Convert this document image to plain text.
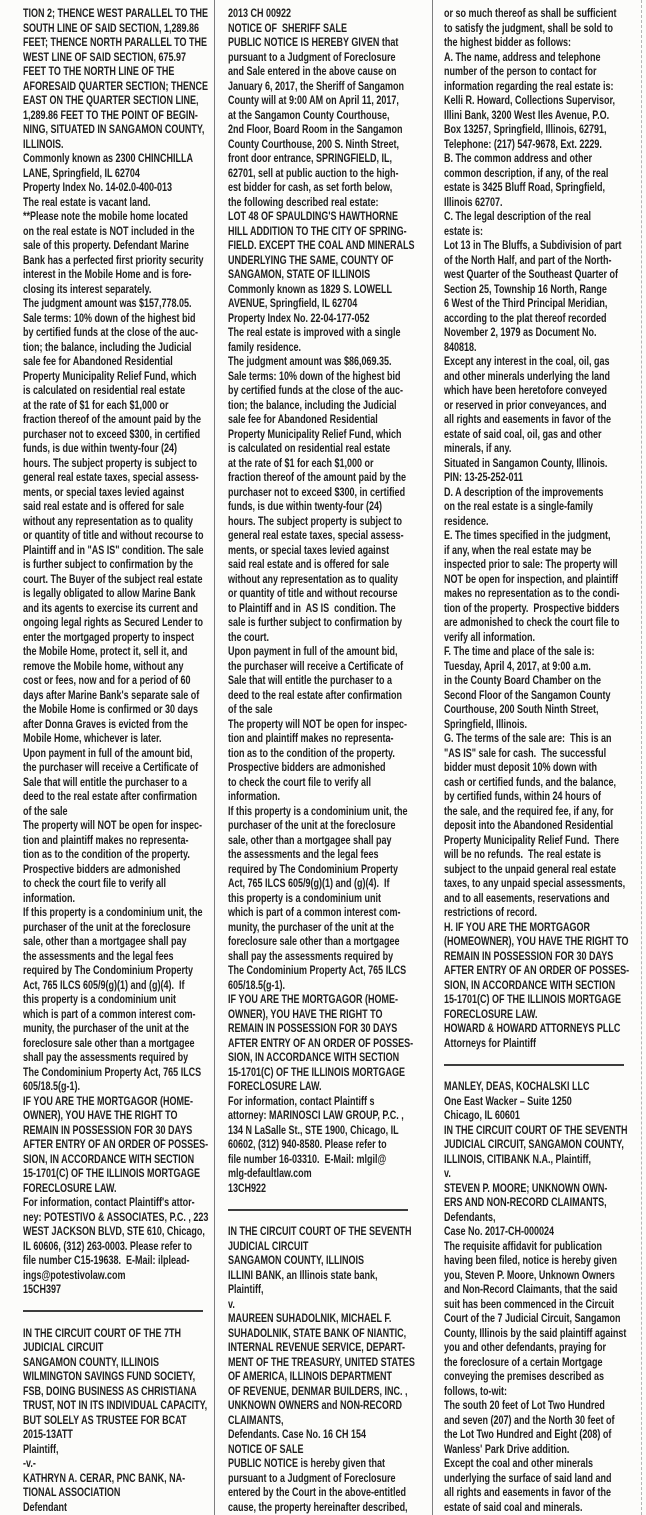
TION 2; THENCE WEST PARALLEL TO THE
SOUTH LINE OF SAID SECTION, 1,289.86
FEET; THENCE NORTH PARALLEL TO THE
WEST LINE OF SAID SECTION, 675.97
FEET TO THE NORTH LINE OF THE
AFORESAID QUARTER SECTION; THENCE
EAST ON THE QUARTER SECTION LINE,
1,289.86 FEET TO THE POINT OF BEGIN-
NING, SITUATED IN SANGAMON COUNTY,
ILLINOIS.
Commonly known as 2300 CHINCHILLA
LANE, Springfield, IL 62704
Property Index No. 14-02.0-400-013
The real estate is vacant land.
**Please note the mobile home located
on the real estate is NOT included in the
sale of this property. Defendant Marine
Bank has a perfected first priority security
interest in the Mobile Home and is fore-
closing its interest separately.
The judgment amount was $157,778.05.
Sale terms: 10% down of the highest bid
by certified funds at the close of the auc-
tion; the balance, including the Judicial
sale fee for Abandoned Residential
Property Municipality Relief Fund, which
is calculated on residential real estate
at the rate of $1 for each $1,000 or
fraction thereof of the amount paid by the
purchaser not to exceed $300, in certified
funds, is due within twenty-four (24)
hours. The subject property is subject to
general real estate taxes, special assess-
ments, or special taxes levied against
said real estate and is offered for sale
without any representation as to quality
or quantity of title and without recourse to
Plaintiff and in "AS IS" condition. The sale
is further subject to confirmation by the
court. The Buyer of the subject real estate
is legally obligated to allow Marine Bank
and its agents to exercise its current and
ongoing legal rights as Secured Lender to
enter the mortgaged property to inspect
the Mobile Home, protect it, sell it, and
remove the Mobile home, without any
cost or fees, now and for a period of 60
days after Marine Bank's separate sale of
the Mobile Home is confirmed or 30 days
after Donna Graves is evicted from the
Mobile Home, whichever is later.
Upon payment in full of the amount bid,
the purchaser will receive a Certificate of
Sale that will entitle the purchaser to a
deed to the real estate after confirmation
of the sale
The property will NOT be open for inspec-
tion and plaintiff makes no representa-
tion as to the condition of the property.
Prospective bidders are admonished
to check the court file to verify all
information.
If this property is a condominium unit, the
purchaser of the unit at the foreclosure
sale, other than a mortgagee shall pay
the assessments and the legal fees
required by The Condominium Property
Act, 765 ILCS 605/9(g)(1) and (g)(4).  If
this property is a condominium unit
which is part of a common interest com-
munity, the purchaser of the unit at the
foreclosure sale other than a mortgagee
shall pay the assessments required by
The Condominium Property Act, 765 ILCS
605/18.5(g-1).
IF YOU ARE THE MORTGAGOR (HOME-
OWNER), YOU HAVE THE RIGHT TO
REMAIN IN POSSESSION FOR 30 DAYS
AFTER ENTRY OF AN ORDER OF POSSES-
SION, IN ACCORDANCE WITH SECTION
15-1701(C) OF THE ILLINOIS MORTGAGE
FORECLOSURE LAW.
For information, contact Plaintiff's attor-
ney: POTESTIVO & ASSOCIATES, P.C. , 223
WEST JACKSON BLVD, STE 610, Chicago,
IL 60606, (312) 263-0003. Please refer to
file number C15-19638.  E-Mail: ilplead-
ings@potestivolaw.com
15CH397
IN THE CIRCUIT COURT OF THE 7TH
JUDICIAL CIRCUIT
SANGAMON COUNTY, ILLINOIS
WILMINGTON SAVINGS FUND SOCIETY,
FSB, DOING BUSINESS AS CHRISTIANA
TRUST, NOT IN ITS INDIVIDUAL CAPACITY,
BUT SOLELY AS TRUSTEE FOR BCAT
2015-13ATT
Plaintiff,
-v.-
KATHRYN A. CERAR, PNC BANK, NA-
TIONAL ASSOCIATION
Defendant
2013 CH 00922
NOTICE OF  SHERIFF SALE
PUBLIC NOTICE IS HEREBY GIVEN that
pursuant to a Judgment of Foreclosure
and Sale entered in the above cause on
January 6, 2017, the Sheriff of Sangamon
County will at 9:00 AM on April 11, 2017,
at the Sangamon County Courthouse,
2nd Floor, Board Room in the Sangamon
County Courthouse, 200 S. Ninth Street,
front door entrance, SPRINGFIELD, IL,
62701, sell at public auction to the high-
est bidder for cash, as set forth below,
the following described real estate:
LOT 48 OF SPAULDING'S HAWTHORNE
HILL ADDITION TO THE CITY OF SPRING-
FIELD. EXCEPT THE COAL AND MINERALS
UNDERLYING THE SAME, COUNTY OF
SANGAMON, STATE OF ILLINOIS
Commonly known as 1829 S. LOWELL
AVENUE, Springfield, IL 62704
Property Index No. 22-04-177-052
The real estate is improved with a single
family residence.
The judgment amount was $86,069.35.
Sale terms: 10% down of the highest bid
by certified funds at the close of the auc-
tion; the balance, including the Judicial
sale fee for Abandoned Residential
Property Municipality Relief Fund, which
is calculated on residential real estate
at the rate of $1 for each $1,000 or
fraction thereof of the amount paid by the
purchaser not to exceed $300, in certified
funds, is due within twenty-four (24)
hours. The subject property is subject to
general real estate taxes, special assess-
ments, or special taxes levied against
said real estate and is offered for sale
without any representation as to quality
or quantity of title and without recourse
to Plaintiff and in  AS IS  condition. The
sale is further subject to confirmation by
the court.
Upon payment in full of the amount bid,
the purchaser will receive a Certificate of
Sale that will entitle the purchaser to a
deed to the real estate after confirmation
of the sale
The property will NOT be open for inspec-
tion and plaintiff makes no representa-
tion as to the condition of the property.
Prospective bidders are admonished
to check the court file to verify all
information.
If this property is a condominium unit, the
purchaser of the unit at the foreclosure
sale, other than a mortgagee shall pay
the assessments and the legal fees
required by The Condominium Property
Act, 765 ILCS 605/9(g)(1) and (g)(4).  If
this property is a condominium unit
which is part of a common interest com-
munity, the purchaser of the unit at the
foreclosure sale other than a mortgagee
shall pay the assessments required by
The Condominium Property Act, 765 ILCS
605/18.5(g-1).
IF YOU ARE THE MORTGAGOR (HOME-
OWNER), YOU HAVE THE RIGHT TO
REMAIN IN POSSESSION FOR 30 DAYS
AFTER ENTRY OF AN ORDER OF POSSES-
SION, IN ACCORDANCE WITH SECTION
15-1701(C) OF THE ILLINOIS MORTGAGE
FORECLOSURE LAW.
For information, contact Plaintiff s
attorney: MARINOSCI LAW GROUP, P.C. ,
134 N LaSalle St., STE 1900, Chicago, IL
60602, (312) 940-8580. Please refer to
file number 16-03310.  E-Mail: mlgil@
mlg-defaultlaw.com
13CH922
IN THE CIRCUIT COURT OF THE SEVENTH
JUDICIAL CIRCUIT
SANGAMON COUNTY, ILLINOIS
ILLINI BANK, an Illinois state bank,
Plaintiff,
v.
MAUREEN SUHADOLNIK, MICHAEL F.
SUHADOLNIK, STATE BANK OF NIANTIC,
INTERNAL REVENUE SERVICE, DEPART-
MENT OF THE TREASURY, UNITED STATES
OF AMERICA, ILLINOIS DEPARTMENT
OF REVENUE, DENMAR BUILDERS, INC. ,
UNKNOWN OWNERS and NON-RECORD
CLAIMANTS,
Defendants. Case No. 16 CH 154
NOTICE OF SALE
PUBLIC NOTICE is hereby given that
pursuant to a Judgment of Foreclosure
entered by the Court in the above-entitled
cause, the property hereinafter described,
or so much thereof as shall be sufficient
to satisfy the judgment, shall be sold to
the highest bidder as follows:
A. The name, address and telephone
number of the person to contact for
information regarding the real estate is:
Kelli R. Howard, Collections Supervisor,
Illini Bank, 3200 West Iles Avenue, P.O.
Box 13257, Springfield, Illinois, 62791,
Telephone: (217) 547-9678, Ext. 2229.
B. The common address and other
common description, if any, of the real
estate is 3425 Bluff Road, Springfield,
Illinois 62707.
C. The legal description of the real
estate is:
Lot 13 in The Bluffs, a Subdivision of part
of the North Half, and part of the North-
west Quarter of the Southeast Quarter of
Section 25, Township 16 North, Range
6 West of the Third Principal Meridian,
according to the plat thereof recorded
November 2, 1979 as Document No.
840818.
Except any interest in the coal, oil, gas
and other minerals underlying the land
which have been heretofore conveyed
or reserved in prior conveyances, and
all rights and easements in favor of the
estate of said coal, oil, gas and other
minerals, if any.
Situated in Sangamon County, Illinois.
PIN: 13-25-252-011
D. A description of the improvements
on the real estate is a single-family
residence.
E. The times specified in the judgment,
if any, when the real estate may be
inspected prior to sale: The property will
NOT be open for inspection, and plaintiff
makes no representation as to the condi-
tion of the property.  Prospective bidders
are admonished to check the court file to
verify all information.
F. The time and place of the sale is:
Tuesday, April 4, 2017, at 9:00 a.m.
in the County Board Chamber on the
Second Floor of the Sangamon County
Courthouse, 200 South Ninth Street,
Springfield, Illinois.
G. The terms of the sale are:  This is an
"AS IS" sale for cash.  The successful
bidder must deposit 10% down with
cash or certified funds, and the balance,
by certified funds, within 24 hours of
the sale, and the required fee, if any, for
deposit into the Abandoned Residential
Property Municipality Relief Fund.  There
will be no refunds.  The real estate is
subject to the unpaid general real estate
taxes, to any unpaid special assessments,
and to all easements, reservations and
restrictions of record.
H. IF YOU ARE THE MORTGAGOR
(HOMEOWNER), YOU HAVE THE RIGHT TO
REMAIN IN POSSESSION FOR 30 DAYS
AFTER ENTRY OF AN ORDER OF POSSES-
SION, IN ACCORDANCE WITH SECTION
15-1701(C) OF THE ILLINOIS MORTGAGE
FORECLOSURE LAW.
HOWARD & HOWARD ATTORNEYS PLLC
Attorneys for Plaintiff
MANLEY, DEAS, KOCHALSKI LLC
One East Wacker – Suite 1250
Chicago, IL 60601
IN THE CIRCUIT COURT OF THE SEVENTH
JUDICIAL CIRCUIT, SANGAMON COUNTY,
ILLINOIS, CITIBANK N.A., Plaintiff,
v.
STEVEN P. MOORE; UNKNOWN OWN-
ERS AND NON-RECORD CLAIMANTS,
Defendants,
Case No. 2017-CH-000024
The requisite affidavit for publication
having been filed, notice is hereby given
you, Steven P. Moore, Unknown Owners
and Non-Record Claimants, that the said
suit has been commenced in the Circuit
Court of the 7 Judicial Circuit, Sangamon
County, Illinois by the said plaintiff against
you and other defendants, praying for
the foreclosure of a certain Mortgage
conveying the premises described as
follows, to-wit:
The south 20 feet of Lot Two Hundred
and seven (207) and the North 30 feet of
the Lot Two Hundred and Eight (208) of
Wanless' Park Drive addition.
Except the coal and other minerals
underlying the surface of said land and
all rights and easements in favor of the
estate of said coal and minerals.
